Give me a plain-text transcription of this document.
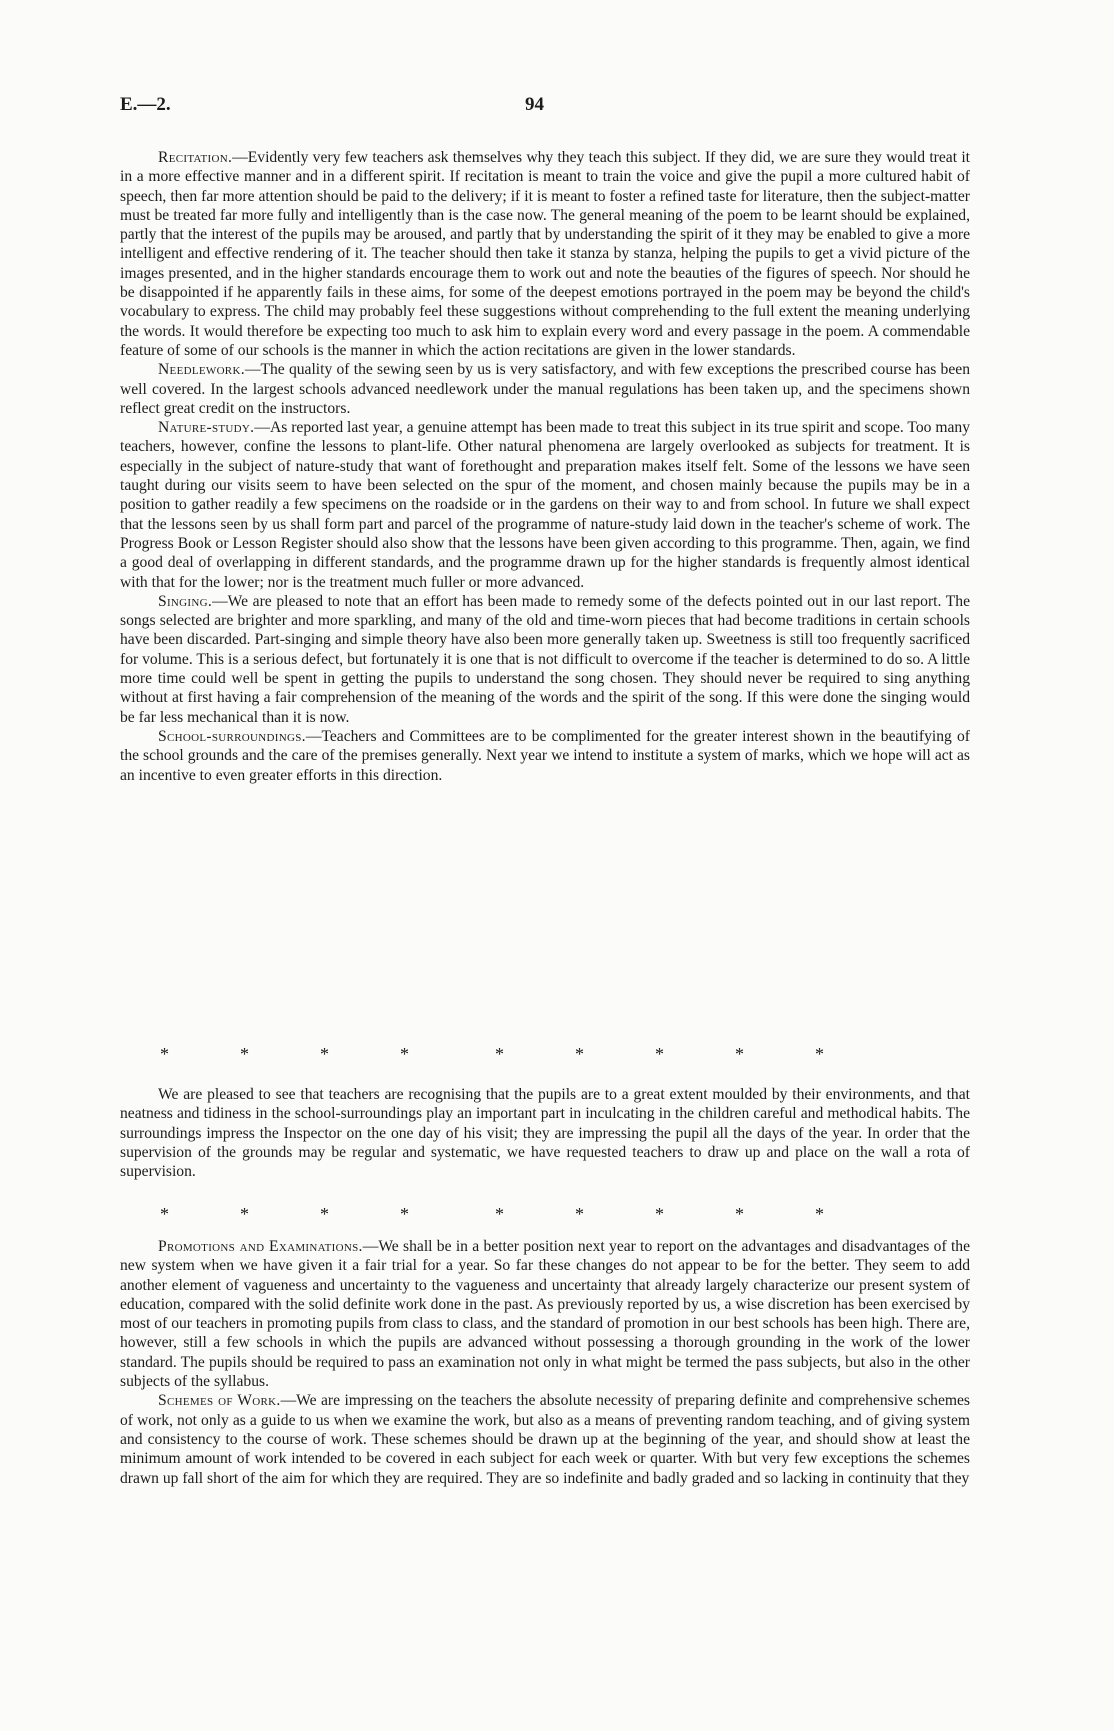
E.—2.	94

Recitation.—Evidently very few teachers ask themselves why they teach this subject. If they did, we are sure they would treat it in a more effective manner and in a different spirit. If recitation is meant to train the voice and give the pupil a more cultured habit of speech, then far more attention should be paid to the delivery; if it is meant to foster a refined taste for literature, then the subject-matter must be treated far more fully and intelligently than is the case now. The general meaning of the poem to be learnt should be explained, partly that the interest of the pupils may be aroused, and partly that by understanding the spirit of it they may be enabled to give a more intelligent and effective rendering of it. The teacher should then take it stanza by stanza, helping the pupils to get a vivid picture of the images presented, and in the higher standards encourage them to work out and note the beauties of the figures of speech. Nor should he be disappointed if he apparently fails in these aims, for some of the deepest emotions portrayed in the poem may be beyond the child's vocabulary to express. The child may probably feel these suggestions without comprehending to the full extent the meaning underlying the words. It would therefore be expecting too much to ask him to explain every word and every passage in the poem. A commendable feature of some of our schools is the manner in which the action recitations are given in the lower standards.

Needlework.—The quality of the sewing seen by us is very satisfactory, and with few exceptions the prescribed course has been well covered. In the largest schools advanced needlework under the manual regulations has been taken up, and the specimens shown reflect great credit on the instructors.

Nature-study.—As reported last year, a genuine attempt has been made to treat this subject in its true spirit and scope. Too many teachers, however, confine the lessons to plant-life. Other natural phenomena are largely overlooked as subjects for treatment. It is especially in the subject of nature-study that want of forethought and preparation makes itself felt. Some of the lessons we have seen taught during our visits seem to have been selected on the spur of the moment, and chosen mainly because the pupils may be in a position to gather readily a few specimens on the roadside or in the gardens on their way to and from school. In future we shall expect that the lessons seen by us shall form part and parcel of the programme of nature-study laid down in the teacher's scheme of work. The Progress Book or Lesson Register should also show that the lessons have been given according to this programme. Then, again, we find a good deal of overlapping in different standards, and the programme drawn up for the higher standards is frequently almost identical with that for the lower; nor is the treatment much fuller or more advanced.

Singing.—We are pleased to note that an effort has been made to remedy some of the defects pointed out in our last report. The songs selected are brighter and more sparkling, and many of the old and time-worn pieces that had become traditions in certain schools have been discarded. Part-singing and simple theory have also been more generally taken up. Sweetness is still too frequently sacrificed for volume. This is a serious defect, but fortunately it is one that is not difficult to overcome if the teacher is determined to do so. A little more time could well be spent in getting the pupils to understand the song chosen. They should never be required to sing anything without at first having a fair comprehension of the meaning of the words and the spirit of the song. If this were done the singing would be far less mechanical than it is now.

School-surroundings.—Teachers and Committees are to be complimented for the greater interest shown in the beautifying of the school grounds and the care of the premises generally. Next year we intend to institute a system of marks, which we hope will act as an incentive to even greater efforts in this direction.

*	*	*	*	*	*	*	*	*

We are pleased to see that teachers are recognising that the pupils are to a great extent moulded by their environments, and that neatness and tidiness in the school-surroundings play an important part in inculcating in the children careful and methodical habits. The surroundings impress the Inspector on the one day of his visit; they are impressing the pupil all the days of the year. In order that the supervision of the grounds may be regular and systematic, we have requested teachers to draw up and place on the wall a rota of supervision.

*	*	*	*	*	*	*	*	*

Promotions and Examinations.—We shall be in a better position next year to report on the advantages and disadvantages of the new system when we have given it a fair trial for a year. So far these changes do not appear to be for the better. They seem to add another element of vagueness and uncertainty to the vagueness and uncertainty that already largely characterize our present system of education, compared with the solid definite work done in the past. As previously reported by us, a wise discretion has been exercised by most of our teachers in promoting pupils from class to class, and the standard of promotion in our best schools has been high. There are, however, still a few schools in which the pupils are advanced without possessing a thorough grounding in the work of the lower standard. The pupils should be required to pass an examination not only in what might be termed the pass subjects, but also in the other subjects of the syllabus.

Schemes of Work.—We are impressing on the teachers the absolute necessity of preparing definite and comprehensive schemes of work, not only as a guide to us when we examine the work, but also as a means of preventing random teaching, and of giving system and consistency to the course of work. These schemes should be drawn up at the beginning of the year, and should show at least the minimum amount of work intended to be covered in each subject for each week or quarter. With but very few exceptions the schemes drawn up fall short of the aim for which they are required. They are so indefinite and badly graded and so lacking in continuity that they
